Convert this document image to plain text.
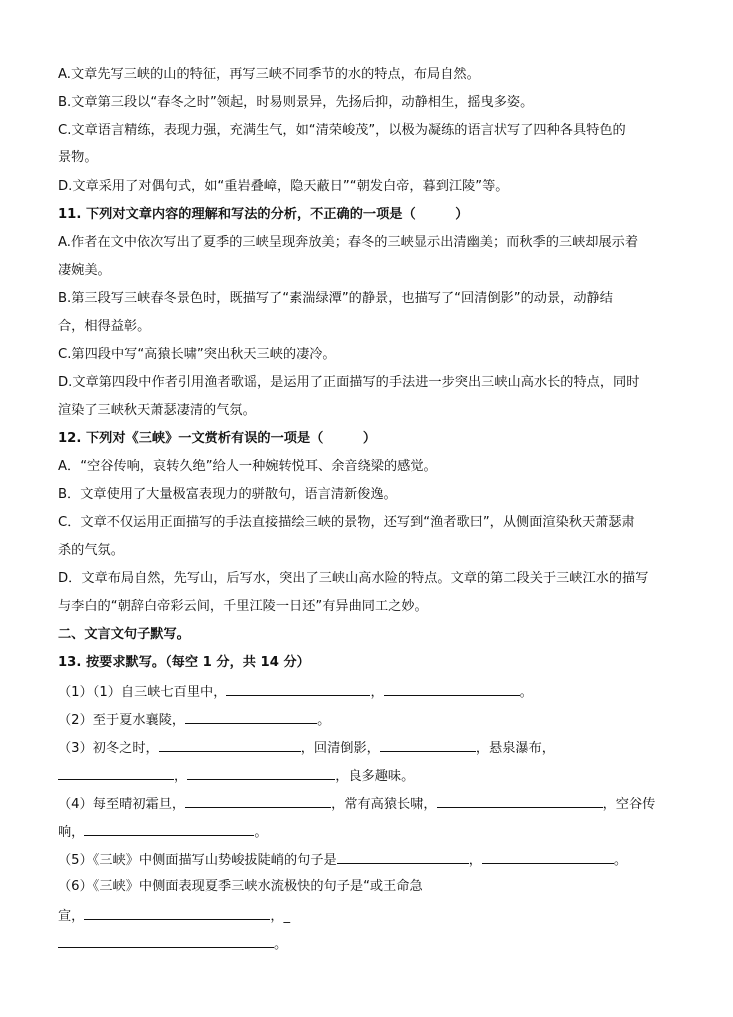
A.文章先写三峡的山的特征，再写三峡不同季节的水的特点，布局自然。
B.文章第三段以“春冬之时”领起，时易则景异，先扬后抑，动静相生，摇曳多姿。
C.文章语言精练，表现力强，充满生气，如“清荣峻茂”，以极为凝练的语言状写了四种各具特色的
景物。
D.文章采用了对偶句式，如“重岩叠嶂，隐天蔽日”“朝发白帝，暮到江陵”等。
11. 下列对文章内容的理解和写法的分析，不正确的一项是（　　　）
A.作者在文中依次写出了夏季的三峡呈现奔放美；春冬的三峡显示出清幽美；而秋季的三峡却展示着
凄婉美。
B.第三段写三峡春冬景色时，既描写了“素湍绿潭”的静景，也描写了“回清倒影”的动景，动静结
合，相得益彰。
C.第四段中写“高猿长啸”突出秋天三峡的凄冷。
D.文章第四段中作者引用渔者歌谣，是运用了正面描写的手法进一步突出三峡山高水长的特点，同时
渲染了三峡秋天萧瑟凄清的气氛。
12. 下列对《三峡》一文赏析有误的一项是（　　　）
A．“空谷传响，哀转久绝”给人一种婉转悦耳、余音绕梁的感觉。
B．文章使用了大量极富表现力的骈散句，语言清新俊逸。
C．文章不仅运用正面描写的手法直接描绘三峡的景物，还写到“渔者歌曰”，从侧面渲染秋天萧瑟肃
杀的气氛。
D．文章布局自然，先写山，后写水，突出了三峡山高水险的特点。文章的第二段关于三峡江水的描写
与李白的“朝辞白帝彩云间，千里江陵一日还”有异曲同工之妙。
二、文言文句子默写。
13. 按要求默写。（每空 1 分，共 14 分）
（1）（1）自三峡七百里中，	，	。
（2）至于夏水襄陵，	。
（3）初冬之时，	，回清倒影，	，悬泉瀑布，
，	，良多趣味。
（4）每至晴初霜旦，	，常有高猿长啸，	，空谷传
响，	。
（5）《三峡》中侧面描写山势峻拔陡峭的句子是	，	。
（6）《三峡》中侧面表现夏季三峡水流极快的句子是“或王命急
宣，	，_
。
